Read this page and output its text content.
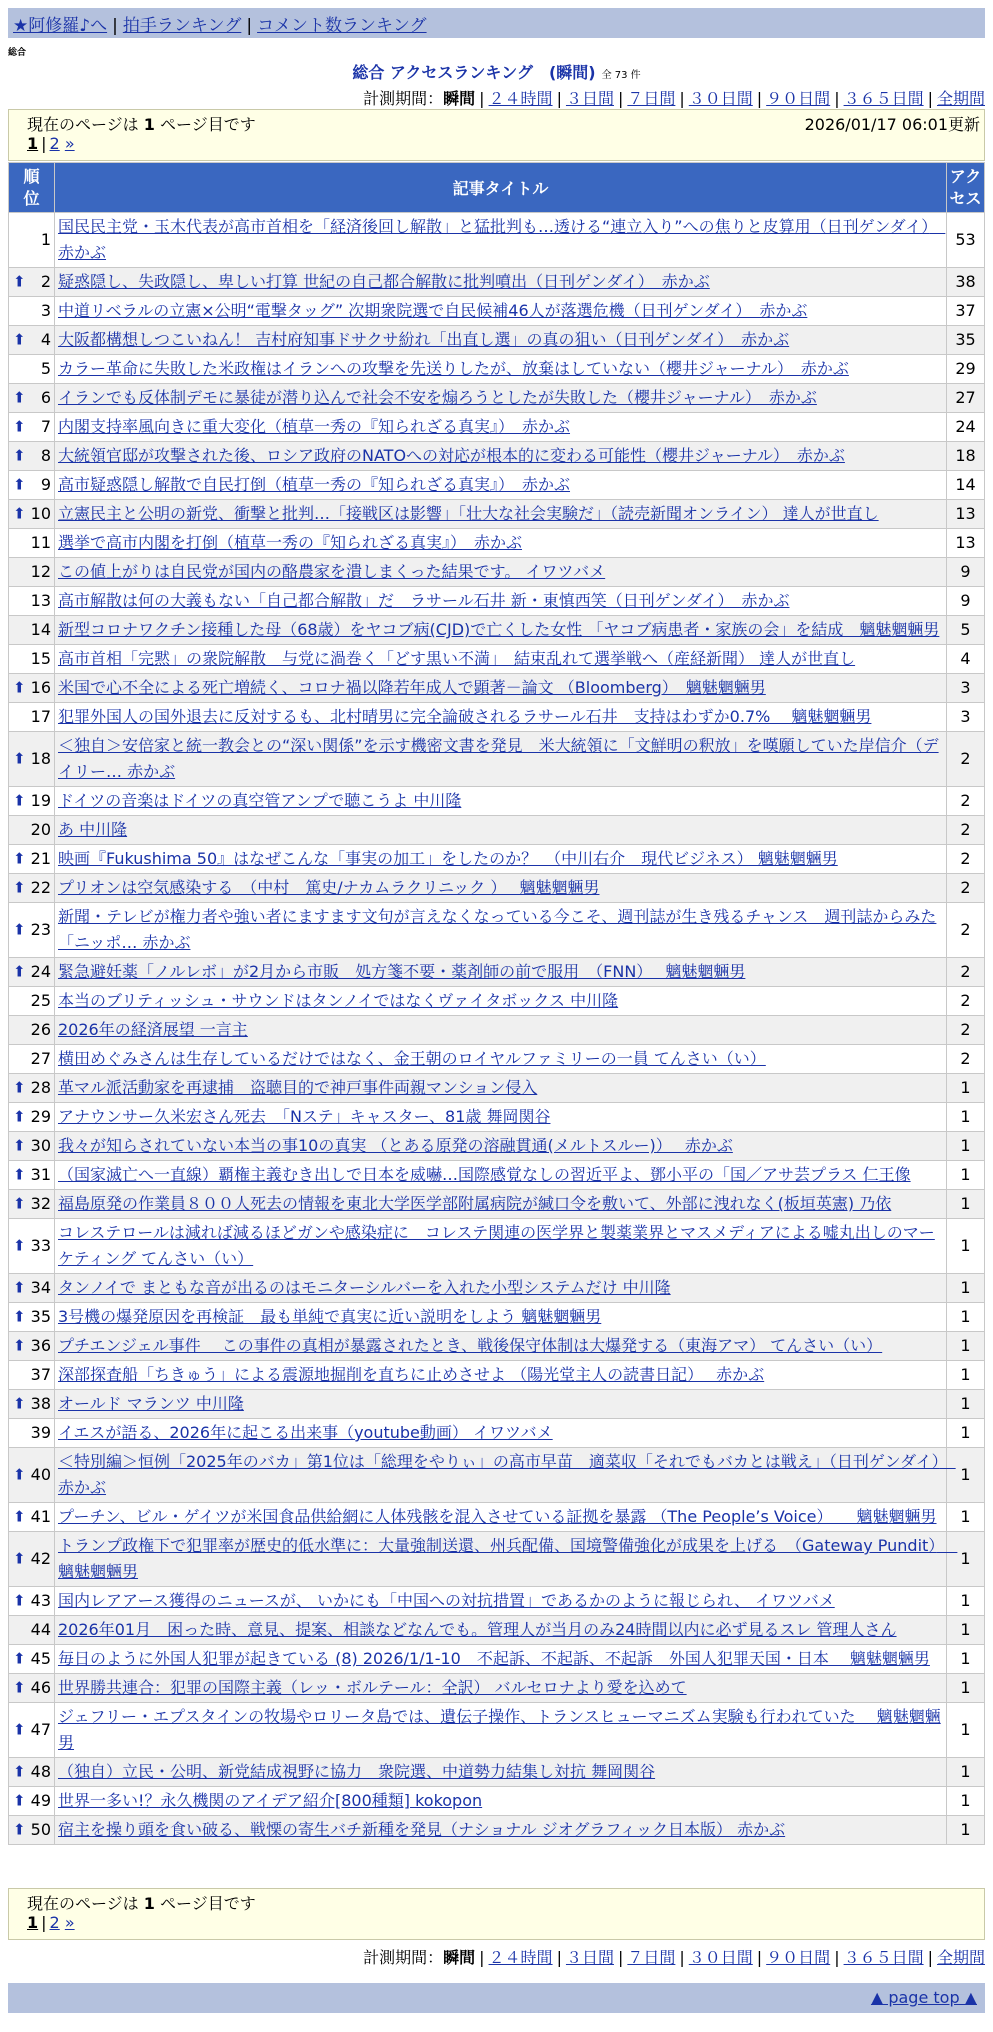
★阿修羅♪へ | 拍手ランキング | コメント数ランキング
総合
総合 アクセスランキング　(瞬間) 全 73 件
計測期間：瞬間 | ２４時間 | ３日間 | ７日間 | ３０日間 | ９０日間 | ３６５日間 | 全期間
現在のページは 1 ページ目です	2026/01/17 06:01更新
1 | 2 »
順
位	記事タイトル	アク
セス
1	国民民主党・玉木代表が高市首相を「経済後回し解散」と猛批判も…透ける“連立入り”への焦りと皮算用（日刊ゲンダイ）　赤かぶ	53

⬆ 2	疑惑隠し、失政隠し、卑しい打算 世紀の自己都合解散に批判噴出（日刊ゲンダイ）　赤かぶ	38
3	中道リベラルの立憲×公明“電撃タッグ” 次期衆院選で自民候補46人が落選危機（日刊ゲンダイ）　赤かぶ	37

⬆ 4	大阪都構想しつこいねん！ 吉村府知事ドサクサ紛れ「出直し選」の真の狙い（日刊ゲンダイ）　赤かぶ	35
5	カラー革命に失敗した米政権はイランへの攻撃を先送りしたが、放棄はしていない（櫻井ジャーナル）　赤かぶ	29

⬆ 6	イランでも反体制デモに暴徒が潜り込んで社会不安を煽ろうとしたが失敗した（櫻井ジャーナル）　赤かぶ	27

⬆ 7	内閣支持率風向きに重大変化（植草一秀の『知られざる真実』）　赤かぶ	24

⬆ 8	大統領官邸が攻撃された後、ロシア政府のNATOへの対応が根本的に変わる可能性（櫻井ジャーナル）　赤かぶ	18

⬆ 9	高市疑惑隠し解散で自民打倒（植草一秀の『知られざる真実』）　赤かぶ	14

⬆ 10	立憲民主と公明の新党、衝撃と批判…「接戦区は影響」「壮大な社会実験だ」（読売新聞オンライン） 達人が世直し	13
11	選挙で高市内閣を打倒（植草一秀の『知られざる真実』）　赤かぶ	13
12	この値上がりは自民党が国内の酪農家を潰しまくった結果です。 イワツバメ	9
13	高市解散は何の大義もない「自己都合解散」だ　ラサール石井 新・東慎西笑（日刊ゲンダイ）　赤かぶ	9
14	新型コロナワクチン接種した母（68歳）をヤコブ病(CJD)で亡くした女性 「ヤコブ病患者・家族の会」を結成　魑魅魍魎男	5
15	高市首相「完黙」の衆院解散　与党に渦巻く「どす黒い不満」　結束乱れて選挙戦へ（産経新聞） 達人が世直し	4

⬆ 16	米国で心不全による死亡増続く、コロナ禍以降若年成人で顕著－論文 （Bloomberg）　魑魅魍魎男	3
17	犯罪外国人の国外退去に反対するも、北村晴男に完全論破されるラサール石井　支持はわずか0.7%　 魑魅魍魎男	3

⬆ 18	＜独自＞安倍家と統一教会との“深い関係”を示す機密文書を発見　米大統領に「文鮮明の釈放」を嘆願していた岸信介（デイリー… 赤かぶ	2

⬆ 19	ドイツの音楽はドイツの真空管アンプで聴こうよ 中川隆	2
20	あ 中川隆	2

⬆ 21	映画『Fukushima 50』はなぜこんな「事実の加工」をしたのか？　（中川右介　現代ビジネス） 魑魅魍魎男	2

⬆ 22	プリオンは空気感染する　（中村　篤史/ナカムラクリニック ）　 魑魅魍魎男	2

⬆ 23	新聞・テレビが権力者や強い者にますます文句が言えなくなっている今こそ、週刊誌が生き残るチャンス　週刊誌からみた「ニッポ… 赤かぶ	2

⬆ 24	緊急避妊薬「ノルレボ」が2月から市販　処方箋不要・薬剤師の前で服用　（FNN）　 魑魅魍魎男	2
25	本当のブリティッシュ・サウンドはタンノイではなくヴァイタボックス 中川隆	2
26	2026年の経済展望 一言主	2
27	横田めぐみさんは生存しているだけではなく、金王朝のロイヤルファミリーの一員 てんさい（い）	2

⬆ 28	革マル派活動家を再逮捕　盗聴目的で神戸事件両親マンション侵入	1

⬆ 29	アナウンサー久米宏さん死去　「Nステ」キャスター、81歳 舞岡関谷	1

⬆ 30	我々が知らされていない本当の事10の真実 （とある原発の溶融貫通(メルトスルー)）　 赤かぶ	1

⬆ 31	（国家滅亡へ一直線）覇権主義むき出しで日本を威嚇…国際感覚なしの習近平よ、鄧小平の「国／アサ芸プラス 仁王像	1

⬆ 32	福島原発の作業員８００人死去の情報を東北大学医学部附属病院が緘口令を敷いて、外部に洩れなく(板垣英憲) 乃依	1

⬆ 33	コレステロールは減れば減るほどガンや感染症に　コレステ関連の医学界と製薬業界とマスメディアによる嘘丸出しのマーケティング てんさい（い）	1

⬆ 34	タンノイで まともな音が出るのはモニターシルバーを入れた小型システムだけ 中川隆	1

⬆ 35	3号機の爆発原因を再検証　最も単純で真実に近い説明をしよう 魑魅魍魎男	1

⬆ 36	プチエンジェル事件　 この事件の真相が暴露されたとき、戦後保守体制は大爆発する（東海アマ） てんさい（い）	1
37	深部探査船「ちきゅう」による震源地掘削を直ちに止めさせよ （陽光堂主人の読書日記）　 赤かぶ	1

⬆ 38	オールド マランツ 中川隆	1
39	イエスが語る、2026年に起こる出来事（youtube動画） イワツバメ	1

⬆ 40	＜特別編＞恒例「2025年のバカ」第1位は「総理をやりぃ」の高市早苗　適菜収「それでもバカとは戦え」（日刊ゲンダイ）　赤かぶ	1

⬆ 41	プーチン、ビル・ゲイツが米国食品供給網に人体残骸を混入させている証拠を暴露 （The People’s Voice）　　魑魅魍魎男	1

⬆ 42	トランプ政権下で犯罪率が歴史的低水準に：大量強制送還、州兵配備、国境警備強化が成果を上げる　（Gateway Pundit）　 魑魅魍魎男	1

⬆ 43	国内レアアース獲得のニュースが、 いかにも「中国への対抗措置」であるかのように報じられ、 イワツバメ	1
44	2026年01月　困った時、意見、提案、相談などなんでも。管理人が当月のみ24時間以内に必ず見るスレ 管理人さん	1

⬆ 45	毎日のように外国人犯罪が起きている (8) 2026/1/1-10　不起訴、不起訴、不起訴　外国人犯罪天国・日本　 魑魅魍魎男	1

⬆ 46	世界勝共連合：犯罪の国際主義（レッ・ボルテール：全訳） バルセロナより愛を込めて	1

⬆ 47	ジェフリー・エプスタインの牧場やロリータ島では、遺伝子操作、トランスヒューマニズム実験も行われていた　 魑魅魍魎男	1

⬆ 48	（独自）立民・公明、新党結成視野に協力　衆院選、中道勢力結集し対抗 舞岡関谷	1

⬆ 49	世界一多い!？永久機関のアイデア紹介[800種類] kokopon	1

⬆ 50	宿主を操り頭を食い破る、戦慄の寄生バチ新種を発見（ナショナル ジオグラフィック日本版） 赤かぶ	1
現在のページは 1 ページ目です
1 | 2 »
計測期間：瞬間 | ２４時間 | ３日間 | ７日間 | ３０日間 | ９０日間 | ３６５日間 | 全期間
▲ page top ▲
